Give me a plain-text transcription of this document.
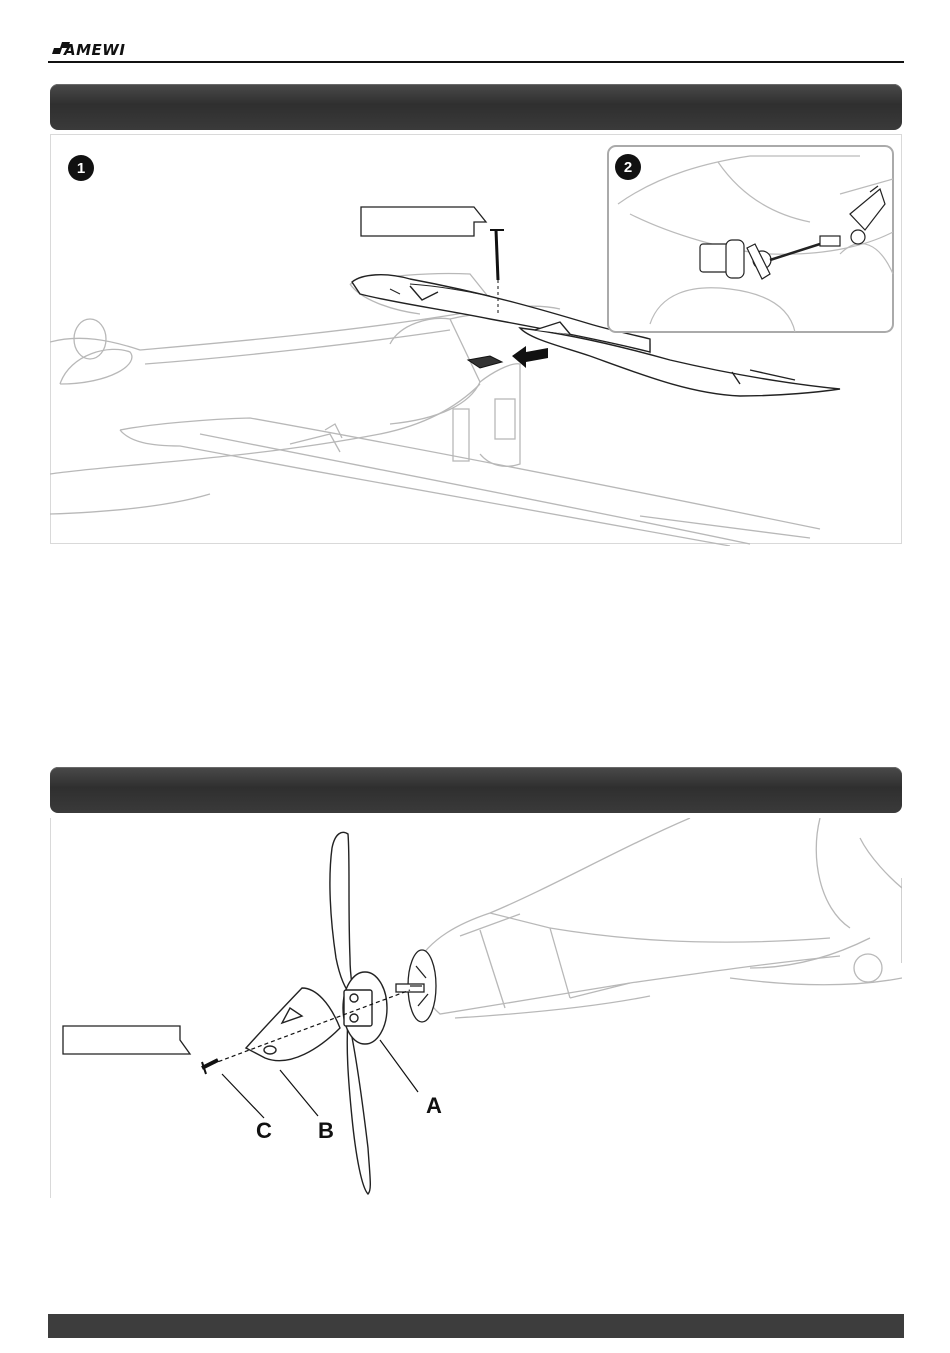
AMEWI
1	2
A
B
C
